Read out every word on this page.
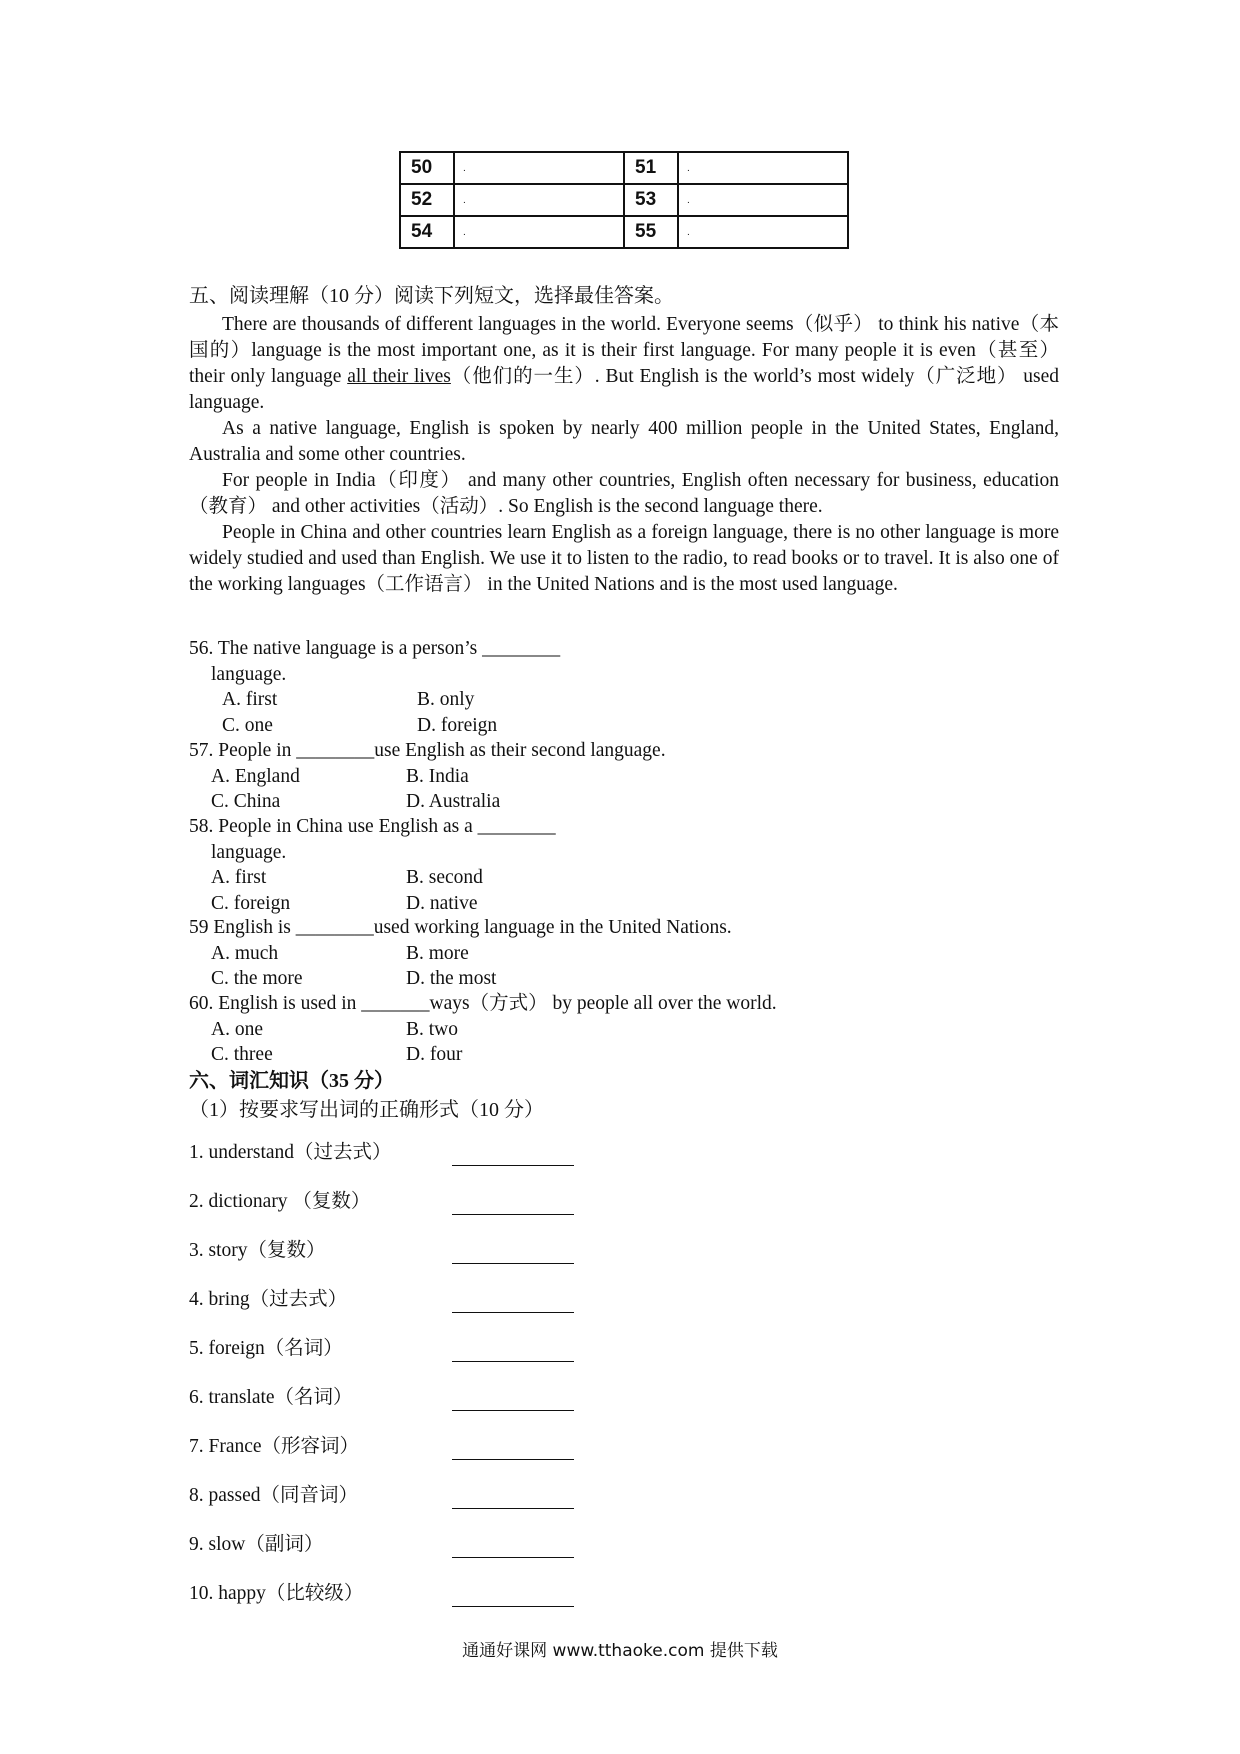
50	.	51	.
52	.	53	.
54	.	55	.
五、阅读理解（10 分）阅读下列短文，选择最佳答案。

There are thousands of different languages in the world. Everyone seems（似乎） to think his native（本国的）language is the most important one, as it is their first language. For many people it is even（甚至）their only language all their lives（他们的一生）. But English is the world’s most widely（广泛地） used language.

As a native language, English is spoken by nearly 400 million people in the United States, England, Australia and some other countries.

For people in India（印度） and many other countries, English often necessary for business, education（教育） and other activities（活动）. So English is the second language there.

People in China and other countries learn English as a foreign language, there is no other language is more widely studied and used than English. We use it to listen to the radio, to read books or to travel. It is also one of the working languages（工作语言） in the United Nations and is the most used language.

56. The native language is a person’s ________

language.

A. first	B. only

C. one	D. foreign

57. People in ________use English as their second language.

A. England	B. India

C. China	D. Australia

58. People in China use English as a ________

language.

A. first	B. second

C. foreign	D. native

59 English is ________used working language in the United Nations.

A. much	B. more

C. the more	D. the most

60. English is used in _______ways（方式） by people all over the world.

A. one	B. two

C. three	D. four

六、词汇知识（35 分）
（1）按要求写出词的正确形式（10 分）
1. understand（过去式）
2. dictionary （复数）
3. story（复数）
4. bring（过去式）
5. foreign（名词）
6. translate（名词）
7. France（形容词）
8. passed（同音词）
9. slow（副词）
10. happy（比较级）
通通好课网 www.tthaoke.com 提供下载
